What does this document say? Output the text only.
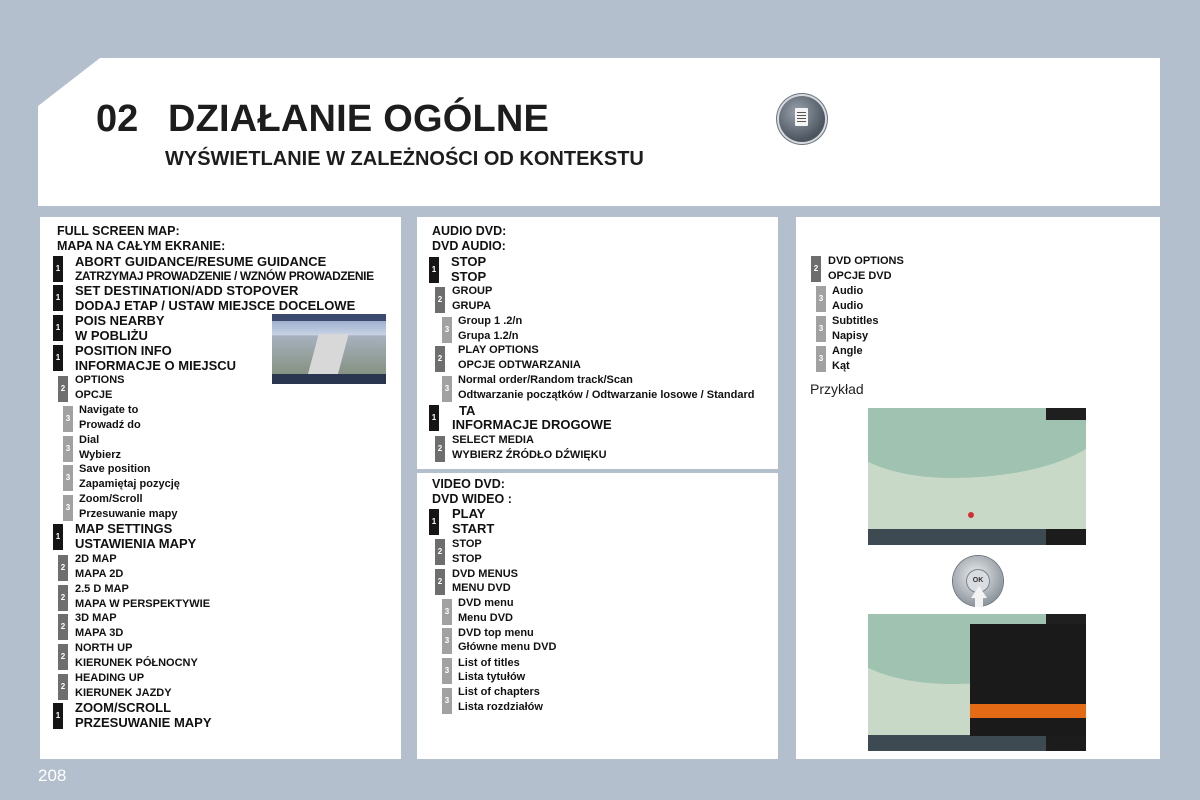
02 DZIAŁANIE OGÓLNE
WYŚWIETLANIE W ZALEŻNOŚCI OD KONTEKSTU
FULL SCREEN MAP:
MAPA NA CAŁYM EKRANIE:
1 ABORT GUIDANCE/RESUME GUIDANCE
ZATRZYMAJ PROWADZENIE / WZNÓW PROWADZENIE
1 SET DESTINATION/ADD STOPOVER
DODAJ ETAP / USTAW MIEJSCE DOCELOWE
1 POIS NEARBY
W POBLIŻU
1 POSITION INFO
INFORMACJE O MIEJSCU
2
OPTIONS
OPCJE
3
Navigate to
Prowadź do
3
Dial
Wybierz
3
Save position
Zapamiętaj pozycję
3
Zoom/Scroll
Przesuwanie mapy
1
MAP SETTINGS
USTAWIENIA MAPY
2
2D MAP
MAPA 2D
2
2.5 D MAP
MAPA W PERSPEKTYWIE
2
3D MAP
MAPA 3D
2
NORTH UP
KIERUNEK PÓŁNOCNY
2
HEADING UP
KIERUNEK JAZDY
1
ZOOM/SCROLL
PRZESUWANIE MAPY
AUDIO DVD:
DVD AUDIO:
1
STOP
STOP
2
GROUP
GRUPA
3
Group 1 .2/n
Grupa 1.2/n
2
PLAY OPTIONS
OPCJE ODTWARZANIA
3
Normal order/Random track/Scan
Odtwarzanie początków / Odtwarzanie losowe / Standard
1 TA
INFORMACJE DROGOWE
2
SELECT MEDIA
WYBIERZ ŹRÓDŁO DŹWIĘKU
VIDEO DVD:
DVD WIDEO :
1
PLAY
START
2
STOP
STOP
2
DVD MENUS
MENU DVD
3
DVD menu
Menu DVD
3
DVD top menu
Główne menu DVD
3
List of titles
Lista tytułów
3
List of chapters
Lista rozdziałów
2
DVD OPTIONS
OPCJE DVD
3
Audio
Audio
3
Subtitles
Napisy
3
Angle
Kąt
Przykład
OK
208
